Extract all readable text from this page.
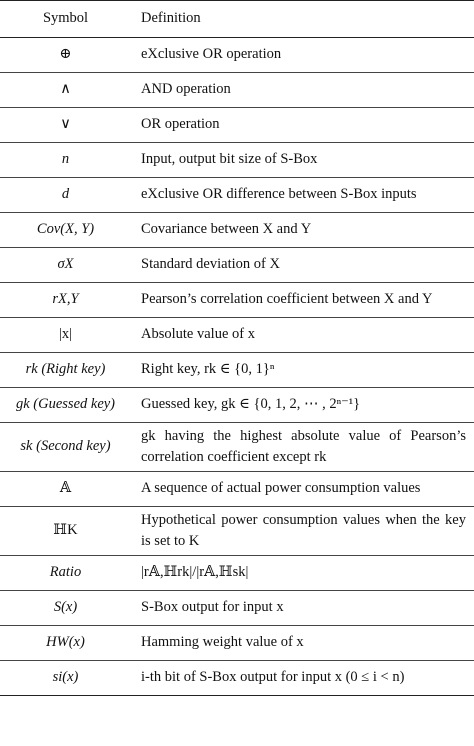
Symbol	Definition
⊕	eXclusive OR operation
∧	AND operation
∨	OR operation
n	Input, output bit size of S-Box
d	eXclusive OR difference between S-Box inputs
Cov(X, Y)	Covariance between X and Y
σX	Standard deviation of X
rX,Y	Pearson’s correlation coefficient between X and Y
|x|	Absolute value of x
rk (Right key)	Right key, rk ∈ {0, 1}ⁿ
gk (Guessed key)	Guessed key, gk ∈ {0, 1, 2, ⋯ , 2ⁿ⁻¹}
sk (Second key)	gk having the highest absolute value of Pearson’s correlation coefficient except rk
𝔸	A sequence of actual power consumption values
ℍK	Hypothetical power consumption values when the key is set to K
Ratio	|r𝔸,ℍrk|/|r𝔸,ℍsk|
S(x)	S-Box output for input x
HW(x)	Hamming weight value of x
si(x)	i-th bit of S-Box output for input x (0 ≤ i < n)
